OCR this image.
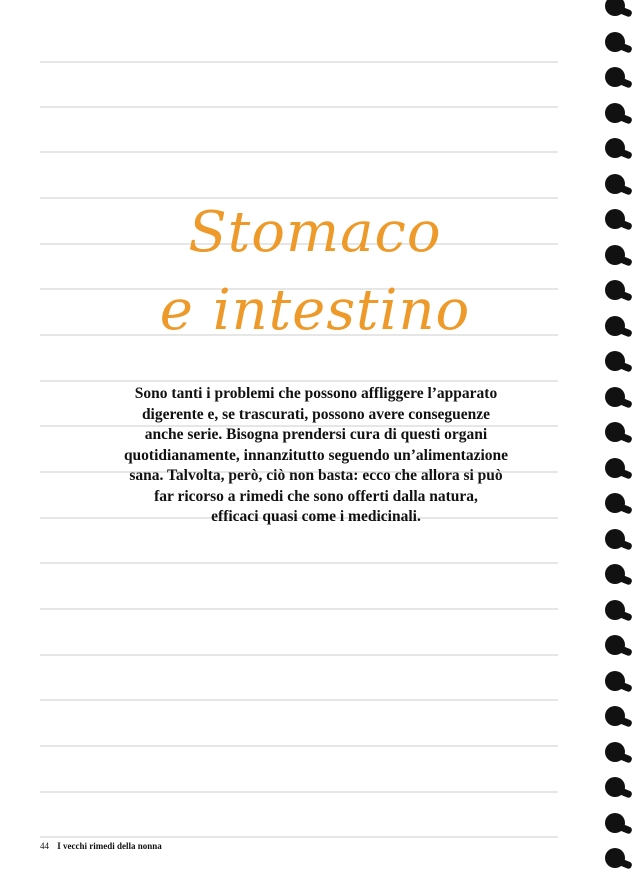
Stomaco
e intestino

Sono tanti i problemi che possono affliggere l’apparato
digerente e, se trascurati, possono avere conseguenze
anche serie. Bisogna prendersi cura di questi organi
quotidianamente, innanzitutto seguendo un’alimentazione
sana. Talvolta, però, ciò non basta: ecco che allora si può
far ricorso a rimedi che sono offerti dalla natura,
efficaci quasi come i medicinali.

44 I vecchi rimedi della nonna
